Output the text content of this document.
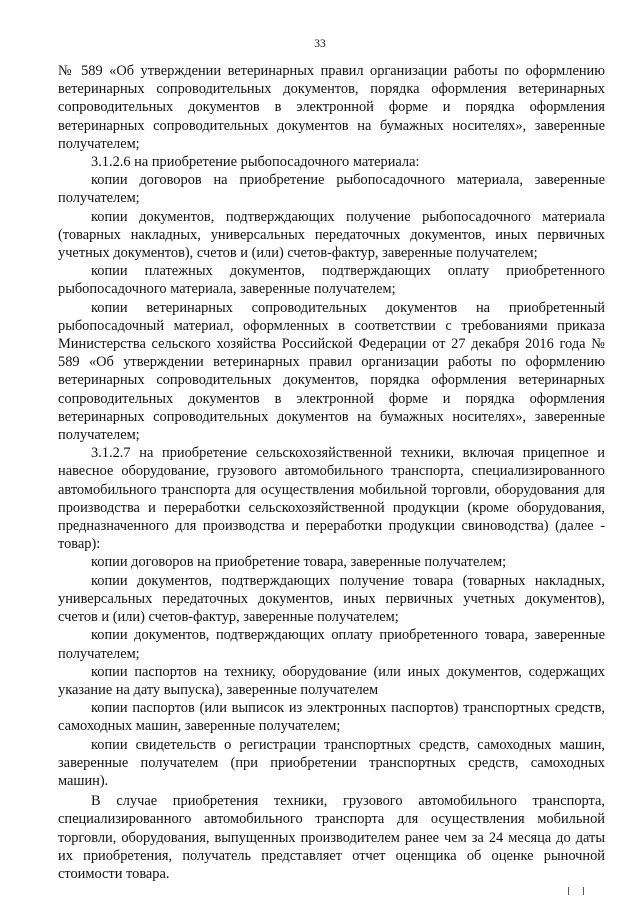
33

№ 589 «Об утверждении ветеринарных правил организации работы по оформлению ветеринарных сопроводительных документов, порядка оформления ветеринарных сопроводительных документов в электронной форме и порядка оформления ветеринарных сопроводительных документов на бумажных носителях», заверенные получателем;

3.1.2.6 на приобретение рыбопосадочного материала:

копии договоров на приобретение рыбопосадочного материала, заверенные получателем;

копии документов, подтверждающих получение рыбопосадочного материала (товарных накладных, универсальных передаточных документов, иных первичных учетных документов), счетов и (или) счетов-фактур, заверенные получателем;

копии платежных документов, подтверждающих оплату приобретенного рыбопосадочного материала, заверенные получателем;

копии ветеринарных сопроводительных документов на приобретенный рыбопосадочный материал, оформленных в соответствии с требованиями приказа Министерства сельского хозяйства Российской Федерации от 27 декабря 2016 года № 589 «Об утверждении ветеринарных правил организации работы по оформлению ветеринарных сопроводительных документов, порядка оформления ветеринарных сопроводительных документов в электронной форме и порядка оформления ветеринарных сопроводительных документов на бумажных носителях», заверенные получателем;

3.1.2.7 на приобретение сельскохозяйственной техники, включая прицепное и навесное оборудование, грузового автомобильного транспорта, специализированного автомобильного транспорта для осуществления мобильной торговли, оборудования для производства и переработки сельскохозяйственной продукции (кроме оборудования, предназначенного для производства и переработки продукции свиноводства) (далее - товар):

копии договоров на приобретение товара, заверенные получателем;

копии документов, подтверждающих получение товара (товарных накладных, универсальных передаточных документов, иных первичных учетных документов), счетов и (или) счетов-фактур, заверенные получателем;

копии документов, подтверждающих оплату приобретенного товара, заверенные получателем;

копии паспортов на технику, оборудование (или иных документов, содержащих указание на дату выпуска), заверенные получателем

копии паспортов (или выписок из электронных паспортов) транспортных средств, самоходных машин, заверенные получателем;

копии свидетельств о регистрации транспортных средств, самоходных машин, заверенные получателем (при приобретении транспортных средств, самоходных машин).

В случае приобретения техники, грузового автомобильного транспорта, специализированного автомобильного транспорта для осуществления мобильной торговли, оборудования, выпущенных производителем ранее чем за 24 месяца до даты их приобретения, получатель представляет отчет оценщика об оценке рыночной стоимости товара.
